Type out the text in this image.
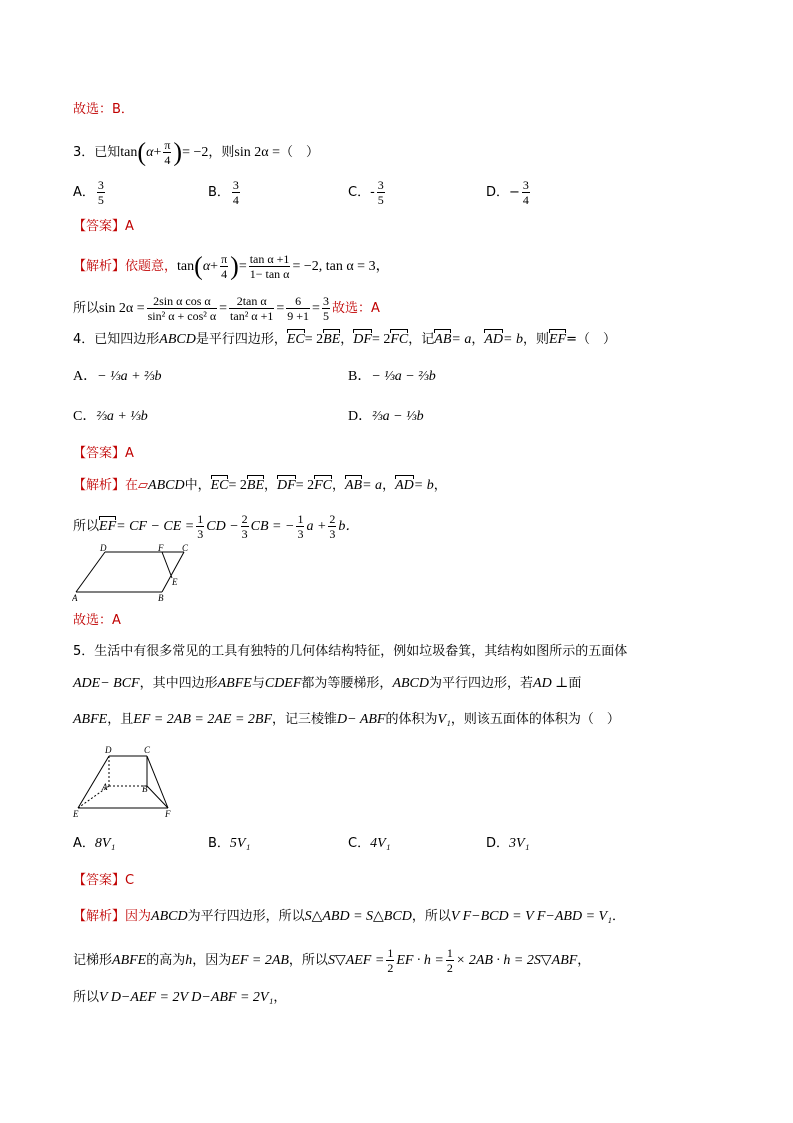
故选：B．
3．已知$\tan(\alpha+ \frac{\pi}{4}$ )= −2，则sin 2α =（　）
A． $\frac{3}{5}$	B． $\frac{3}{4}$	C．- $\frac{3}{5}$	D．− $\frac{3}{4}$
【答案】A
【解析】依题意，$\tan(\alpha+ \frac{\pi}{4}$ )= $\frac{\text{tan α +1}}{\text{1− tan α}} = -2$, tan α = 3，
所以$\sin 2\alpha = \frac{\text{2sin α cos α}}{\text{sin² α + cos² α}} = \frac{\text{2tan α}}{\text{tan² α +1}} = \frac{6}{9 +1} = \frac{3}{5}$ 故选：A
4．已知四边形ABCD是平行四边形，EC= 2BE，DF= 2FC，记AB= a，AD= b，则EF=（　）
A．− ⅓a + ⅔b	B．− ⅓a − ⅔b
C．⅔a + ⅓b	D．⅔a − ⅓b
【答案】A
【解析】在▱ABCD中，EC= 2BE，DF= 2FC，AB= a，AD= b，
所以EF= CF − CE = $\frac{1}{3}$ CD − $\frac{2}{3}$ CB = − $\frac{1}{3}$ $a + \frac{2}{3}$ b．
D	F C
E
A	B
故选：A
5．生活中有很多常见的工具有独特的几何体结构特征，例如垃圾畚箕，其结构如图所示的五面体
ADE− BCF，其中四边形ABFE与CDEF都为等腰梯形，ABCD为平行四边形，若AD ⊥面
ABFE，且EF = 2AB = 2AE = 2BF，记三棱锥D− ABF的体积为V₁，则该五面体的体积为（　）
D	C
A	B
E	F
A．8V₁	B．5V₁	C．4V₁	D．3V₁
【答案】C
【解析】因为ABCD为平行四边形，所以S△ABD = S△BCD，所以V F−BCD = V F−ABD = V₁．
记梯形ABFE的高为h，因为EF = 2AB，所以S▽AEF = $\frac{1}{2}$ EF · $h = \frac{1}{2} \times 2AB \cdot h$ = 2S▽ABF，
所以V D−AEF = 2V D−ABF = 2V₁，
